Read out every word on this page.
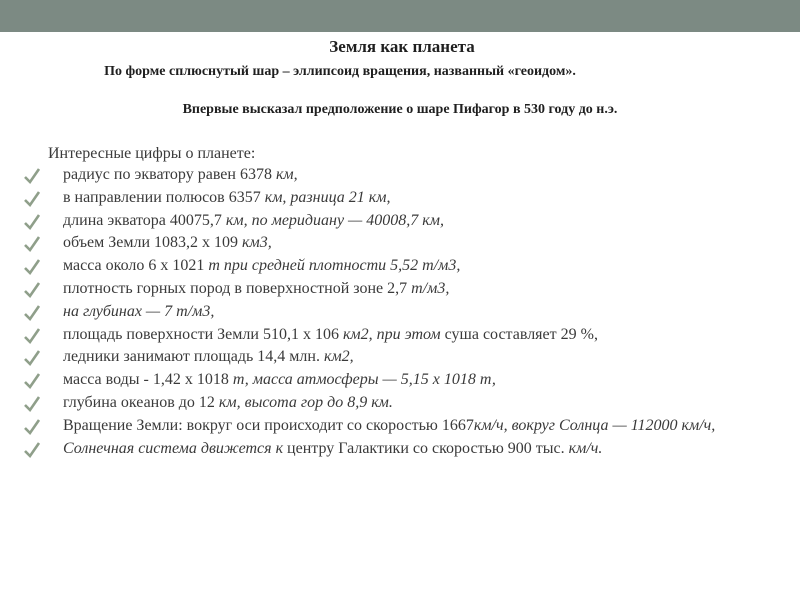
Земля как планета
По форме сплюснутый шар – эллипсоид вращения, названный «геоидом».
Впервые высказал предположение о шаре Пифагор в 530 году до н.э.
Интересные цифры о планете:
радиус по экватору равен 6378 км,
в направлении полюсов 6357 км, разница 21 км,
длина экватора 40075,7 км, по меридиану — 40008,7 км,
объем Земли 1083,2 х 109 км3,
масса около 6 х 1021 т при средней плотности 5,52 т/м3,
плотность горных пород в поверхностной зоне 2,7 т/м3,
на глубинах — 7 т/м3,
площадь поверхности Земли 510,1 х 106 км2, при этом суша составляет 29 %,
ледники занимают площадь 14,4 млн. км2,
масса воды - 1,42 х 1018 т, масса атмосферы — 5,15 х 1018 т,
глубина океанов до 12 км, высота гор до 8,9 км.
Вращение Земли: вокруг оси происходит со скоростью 1667км/ч, вокруг Солнца — 112000 км/ч,
Солнечная система движется к центру Галактики со скоростью 900 тыс. км/ч.
